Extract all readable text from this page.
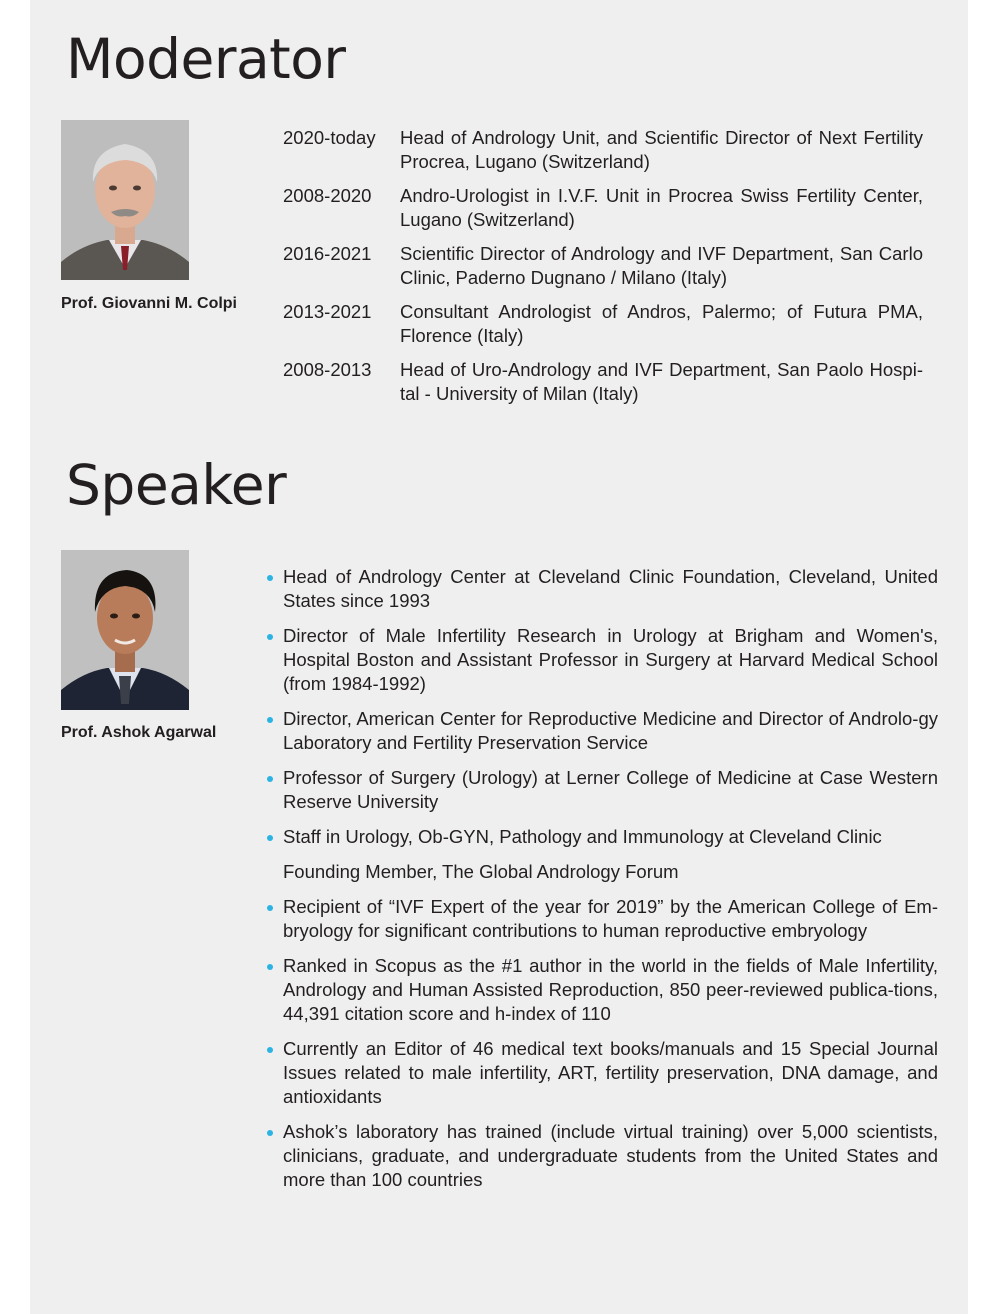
Moderator
Prof. Giovanni M. Colpi
2020-today	Head of Andrology Unit, and Scientific Director of Next Fertility Procrea, Lugano (Switzerland)
2008-2020	Andro-Urologist in I.V.F. Unit in Procrea Swiss Fertility Center, Lugano (Switzerland)
2016-2021	Scientific Director of Andrology and IVF Department, San Carlo Clinic, Paderno Dugnano / Milano (Italy)
2013-2021	Consultant Andrologist of Andros, Palermo; of Futura PMA, Florence (Italy)
2008-2013	Head of Uro-Andrology and IVF Department, San Paolo Hospi-tal - University of Milan (Italy)
Speaker
Prof. Ashok Agarwal
Head of Andrology Center at Cleveland Clinic Foundation, Cleveland, United States since 1993
Director of Male Infertility Research in Urology at Brigham and Women's, Hospital Boston and Assistant Professor in Surgery at Harvard Medical School (from 1984-1992)
Director, American Center for Reproductive Medicine and Director of Androlo-gy Laboratory and Fertility Preservation Service
Professor of Surgery (Urology) at Lerner College of Medicine at Case Western Reserve University
Staff in Urology, Ob-GYN, Pathology and Immunology at Cleveland Clinic
Founding Member, The Global Andrology Forum
Recipient of “IVF Expert of the year for 2019” by the American College of Em-bryology for significant contributions to human reproductive embryology
Ranked in Scopus as the #1 author in the world in the fields of Male Infertility, Andrology and Human Assisted Reproduction, 850 peer-reviewed publica-tions, 44,391 citation score and h-index of 110
Currently an Editor of 46 medical text books/manuals and 15 Special Journal Issues related to male infertility, ART, fertility preservation, DNA damage, and antioxidants
Ashok’s laboratory has trained (include virtual training) over 5,000 scientists, clinicians, graduate, and undergraduate students from the United States and more than 100 countries
